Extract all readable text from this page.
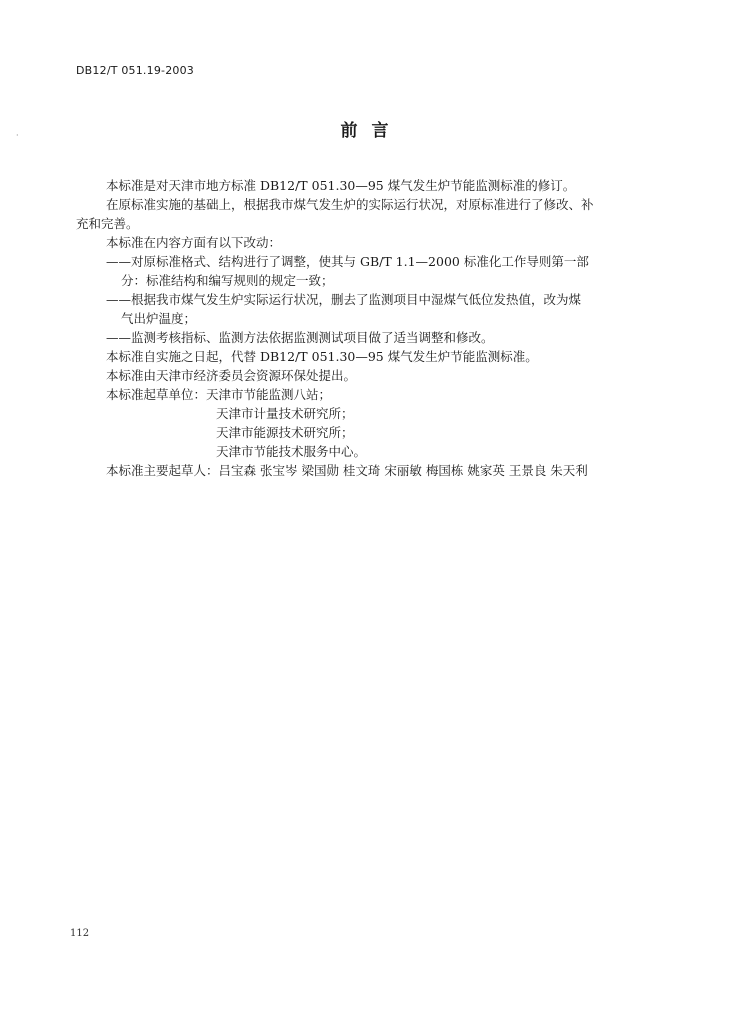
DB12/T 051.19-2003
·	前言

本标准是对天津市地方标准 DB12/T 051.30—95 煤气发生炉节能监测标准的修订。

在原标准实施的基础上，根据我市煤气发生炉的实际运行状况，对原标准进行了修改、补

充和完善。

本标准在内容方面有以下改动：

——对原标准格式、结构进行了调整，使其与 GB/T 1.1—2000 标准化工作导则第一部

分：标准结构和编写规则的规定一致；

——根据我市煤气发生炉实际运行状况，删去了监测项目中湿煤气低位发热值，改为煤

气出炉温度；

——监测考核指标、监测方法依据监测测试项目做了适当调整和修改。

本标准自实施之日起，代替 DB12/T 051.30—95 煤气发生炉节能监测标准。

本标准由天津市经济委员会资源环保处提出。

本标准起草单位：天津市节能监测八站；

天津市计量技术研究所；

天津市能源技术研究所；

天津市节能技术服务中心。

本标准主要起草人：吕宝森 张宝岑 梁国勋 桂文琦 宋丽敏 梅国栋 姚家英 王景良 朱天利

112
